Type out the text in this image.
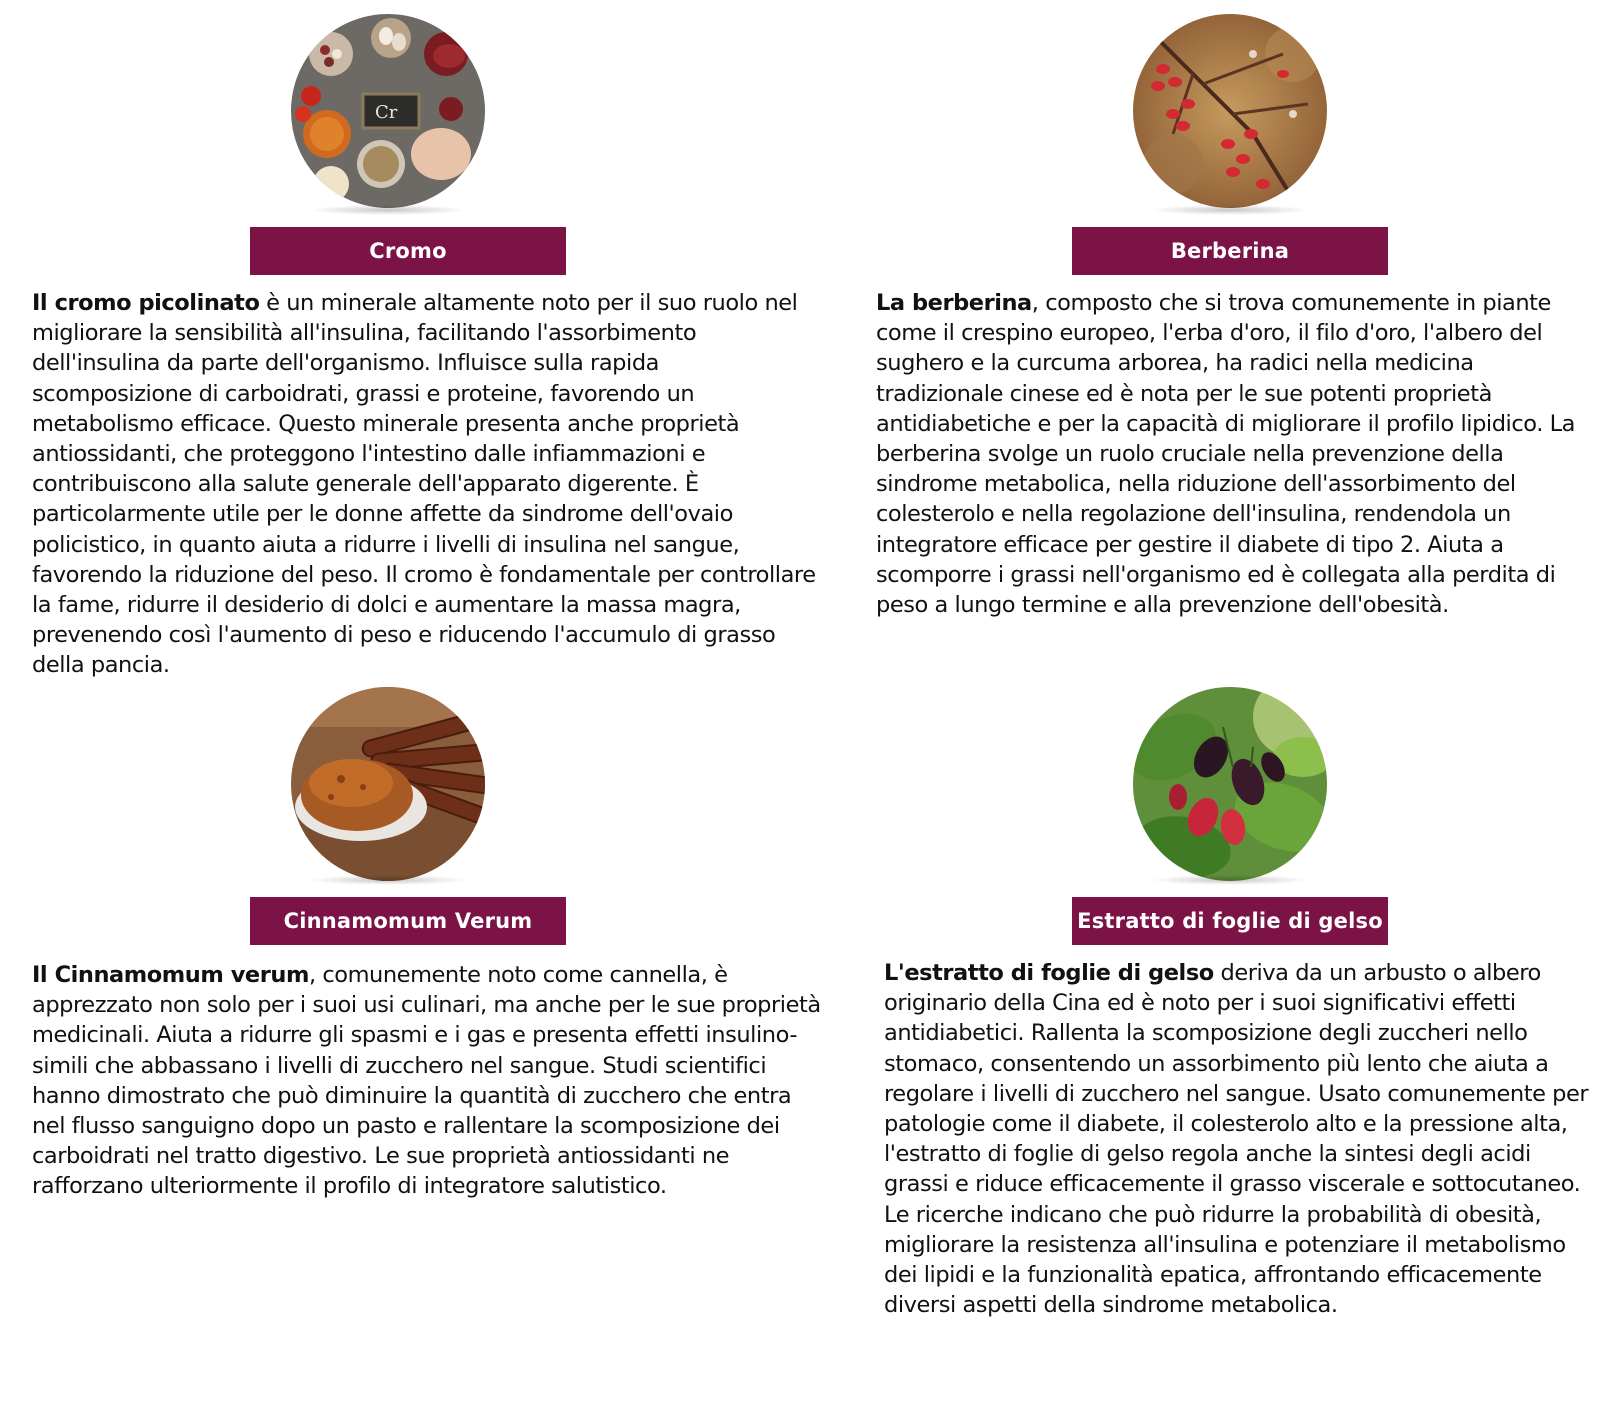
Cr
Cromo

Il cromo picolinato è un minerale altamente noto per il suo ruolo nel migliorare la sensibilità all'insulina, facilitando l'assorbimento dell'insulina da parte dell'organismo. Influisce sulla rapida scomposizione di carboidrati, grassi e proteine, favorendo un metabolismo efficace. Questo minerale presenta anche proprietà antiossidanti, che proteggono l'intestino dalle infiammazioni e contribuiscono alla salute generale dell'apparato digerente. È particolarmente utile per le donne affette da sindrome dell'ovaio policistico, in quanto aiuta a ridurre i livelli di insulina nel sangue, favorendo la riduzione del peso. Il cromo è fondamentale per controllare la fame, ridurre il desiderio di dolci e aumentare la massa magra, prevenendo così l'aumento di peso e riducendo l'accumulo di grasso della pancia.

Berberina

La berberina, composto che si trova comunemente in piante come il crespino europeo, l'erba d'oro, il filo d'oro, l'albero del sughero e la curcuma arborea, ha radici nella medicina tradizionale cinese ed è nota per le sue potenti proprietà antidiabetiche e per la capacità di migliorare il profilo lipidico. La berberina svolge un ruolo cruciale nella prevenzione della sindrome metabolica, nella riduzione dell'assorbimento del colesterolo e nella regolazione dell'insulina, rendendola un integratore efficace per gestire il diabete di tipo 2. Aiuta a scomporre i grassi nell'organismo ed è collegata alla perdita di peso a lungo termine e alla prevenzione dell'obesità.

Cinnamomum Verum

Il Cinnamomum verum, comunemente noto come cannella, è apprezzato non solo per i suoi usi culinari, ma anche per le sue proprietà medicinali. Aiuta a ridurre gli spasmi e i gas e presenta effetti insulino-simili che abbassano i livelli di zucchero nel sangue. Studi scientifici hanno dimostrato che può diminuire la quantità di zucchero che entra nel flusso sanguigno dopo un pasto e rallentare la scomposizione dei carboidrati nel tratto digestivo. Le sue proprietà antiossidanti ne rafforzano ulteriormente il profilo di integratore salutistico.

Estratto di foglie di gelso

L'estratto di foglie di gelso deriva da un arbusto o albero originario della Cina ed è noto per i suoi significativi effetti antidiabetici. Rallenta la scomposizione degli zuccheri nello stomaco, consentendo un assorbimento più lento che aiuta a regolare i livelli di zucchero nel sangue. Usato comunemente per patologie come il diabete, il colesterolo alto e la pressione alta, l'estratto di foglie di gelso regola anche la sintesi degli acidi grassi e riduce efficacemente il grasso viscerale e sottocutaneo. Le ricerche indicano che può ridurre la probabilità di obesità, migliorare la resistenza all'insulina e potenziare il metabolismo dei lipidi e la funzionalità epatica, affrontando efficacemente diversi aspetti della sindrome metabolica.
